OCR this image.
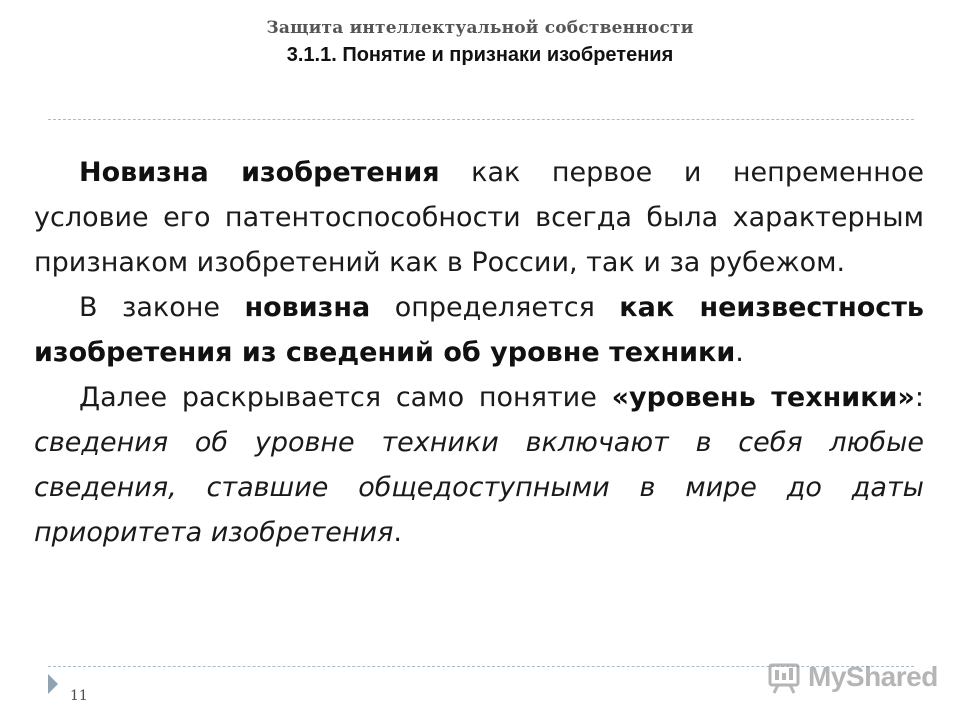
Защита интеллектуальной собственности
3.1.1. Понятие и признаки изобретения

Новизна изобретения как первое и непременное условие его патентоспособности всегда была характерным признаком изобретений как в России, так и за рубежом.

В законе новизна определяется как неизвестность изобретения из сведений об уровне техники.

Далее раскрывается само понятие «уровень техники»: сведения об уровне техники включают в себя любые сведения, ставшие общедоступными в мире до даты приоритета изобретения.

11
MyShared
